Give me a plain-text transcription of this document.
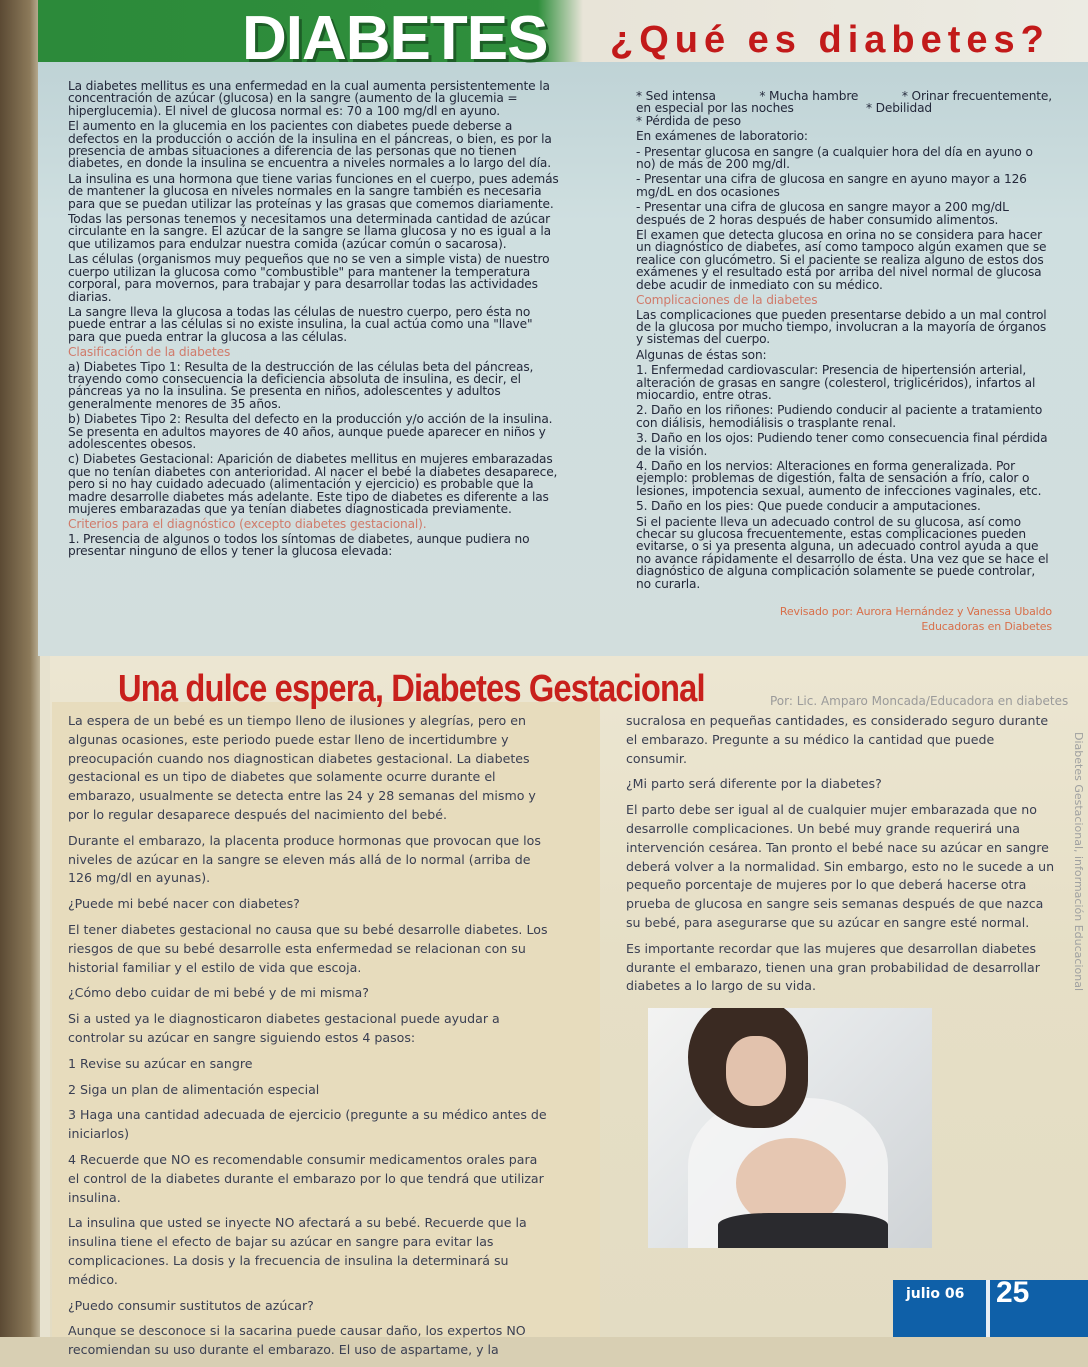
DIABETES ¿Qué es diabetes?

La diabetes mellitus es una enfermedad en la cual aumenta persistentemente la concentración de azúcar (glucosa) en la sangre (aumento de la glucemia = hiperglucemia). El nivel de glucosa normal es: 70 a 100 mg/dl en ayuno.

El aumento en la glucemia en los pacientes con diabetes puede deberse a defectos en la producción o acción de la insulina en el páncreas, o bien, es por la presencia de ambas situaciones a diferencia de las personas que no tienen diabetes, en donde la insulina se encuentra a niveles normales a lo largo del día.

La insulina es una hormona que tiene varias funciones en el cuerpo, pues además de mantener la glucosa en niveles normales en la sangre también es necesaria para que se puedan utilizar las proteínas y las grasas que comemos diariamente.

Todas las personas tenemos y necesitamos una determinada cantidad de azúcar circulante en la sangre. El azúcar de la sangre se llama glucosa y no es igual a la que utilizamos para endulzar nuestra comida (azúcar común o sacarosa).

Las células (organismos muy pequeños que no se ven a simple vista) de nuestro cuerpo utilizan la glucosa como "combustible" para mantener la temperatura corporal, para movernos, para trabajar y para desarrollar todas las actividades diarias.

La sangre lleva la glucosa a todas las células de nuestro cuerpo, pero ésta no puede entrar a las células si no existe insulina, la cual actúa como una "llave" para que pueda entrar la glucosa a las células.

Clasificación de la diabetes

a) Diabetes Tipo 1: Resulta de la destrucción de las células beta del páncreas, trayendo como consecuencia la deficiencia absoluta de insulina, es decir, el páncreas ya no la insulina. Se presenta en niños, adolescentes y adultos generalmente menores de 35 años.

b) Diabetes Tipo 2: Resulta del defecto en la producción y/o acción de la insulina. Se presenta en adultos mayores de 40 años, aunque puede aparecer en niños y adolescentes obesos.

c) Diabetes Gestacional: Aparición de diabetes mellitus en mujeres embarazadas que no tenían diabetes con anterioridad. Al nacer el bebé la diabetes desaparece, pero si no hay cuidado adecuado (alimentación y ejercicio) es probable que la madre desarrolle diabetes más adelante. Este tipo de diabetes es diferente a las mujeres embarazadas que ya tenían diabetes diagnosticada previamente.

Criterios para el diagnóstico (excepto diabetes gestacional).

1. Presencia de algunos o todos los síntomas de diabetes, aunque pudiera no presentar ninguno de ellos y tener la glucosa elevada:

* Sed intensa	* Mucha hambre	* Orinar frecuentemente,
en especial por las noches	* Debilidad

* Pérdida de peso

En exámenes de laboratorio:

- Presentar glucosa en sangre (a cualquier hora del día en ayuno o no) de más de 200 mg/dl.

- Presentar una cifra de glucosa en sangre en ayuno mayor a 126 mg/dL en dos ocasiones

- Presentar una cifra de glucosa en sangre mayor a 200 mg/dL después de 2 horas después de haber consumido alimentos.

El examen que detecta glucosa en orina no se considera para hacer un diagnóstico de diabetes, así como tampoco algún examen que se realice con glucómetro. Si el paciente se realiza alguno de estos dos exámenes y el resultado está por arriba del nivel normal de glucosa debe acudir de inmediato con su médico.

Complicaciones de la diabetes

Las complicaciones que pueden presentarse debido a un mal control de la glucosa por mucho tiempo, involucran a la mayoría de órganos y sistemas del cuerpo.

Algunas de éstas son:

1. Enfermedad cardiovascular: Presencia de hipertensión arterial, alteración de grasas en sangre (colesterol, triglicéridos), infartos al miocardio, entre otras.

2. Daño en los riñones: Pudiendo conducir al paciente a tratamiento con diálisis, hemodiálisis o trasplante renal.

3. Daño en los ojos: Pudiendo tener como consecuencia final pérdida de la visión.

4. Daño en los nervios: Alteraciones en forma generalizada. Por ejemplo: problemas de digestión, falta de sensación a frío, calor o lesiones, impotencia sexual, aumento de infecciones vaginales, etc.

5. Daño en los pies: Que puede conducir a amputaciones.

Si el paciente lleva un adecuado control de su glucosa, así como checar su glucosa frecuentemente, estas complicaciones pueden evitarse, o si ya presenta alguna, un adecuado control ayuda a que no avance rápidamente el desarrollo de ésta. Una vez que se hace el diagnóstico de alguna complicación solamente se puede controlar, no curarla.

Revisado por: Aurora Hernández y Vanessa Ubaldo
Educadoras en Diabetes
Una dulce espera, Diabetes Gestacional	Por: Lic. Amparo Moncada/Educadora en diabetes

La espera de un bebé es un tiempo lleno de ilusiones y alegrías, pero en algunas ocasiones, este periodo puede estar lleno de incertidumbre y preocupación cuando nos diagnostican diabetes gestacional. La diabetes gestacional es un tipo de diabetes que solamente ocurre durante el embarazo, usualmente se detecta entre las 24 y 28 semanas del mismo y por lo regular desaparece después del nacimiento del bebé.

Durante el embarazo, la placenta produce hormonas que provocan que los niveles de azúcar en la sangre se eleven más allá de lo normal (arriba de 126 mg/dl en ayunas).

¿Puede mi bebé nacer con diabetes?

El tener diabetes gestacional no causa que su bebé desarrolle diabetes. Los riesgos de que su bebé desarrolle esta enfermedad se relacionan con su historial familiar y el estilo de vida que escoja.

¿Cómo debo cuidar de mi bebé y de mi misma?

Si a usted ya le diagnosticaron diabetes gestacional puede ayudar a controlar su azúcar en sangre siguiendo estos 4 pasos:

1 Revise su azúcar en sangre

2 Siga un plan de alimentación especial

3 Haga una cantidad adecuada de ejercicio (pregunte a su médico antes de iniciarlos)

4 Recuerde que NO es recomendable consumir medicamentos orales para el control de la diabetes durante el embarazo por lo que tendrá que utilizar insulina.

La insulina que usted se inyecte NO afectará a su bebé. Recuerde que la insulina tiene el efecto de bajar su azúcar en sangre para evitar las complicaciones. La dosis y la frecuencia de insulina la determinará su médico.

¿Puedo consumir sustitutos de azúcar?

Aunque se desconoce si la sacarina puede causar daño, los expertos NO recomiendan su uso durante el embarazo. El uso de aspartame, y la

sucralosa en pequeñas cantidades, es considerado seguro durante el embarazo. Pregunte a su médico la cantidad que puede consumir.

¿Mi parto será diferente por la diabetes?

El parto debe ser igual al de cualquier mujer embarazada que no desarrolle complicaciones. Un bebé muy grande requerirá una intervención cesárea. Tan pronto el bebé nace su azúcar en sangre deberá volver a la normalidad. Sin embargo, esto no le sucede a un pequeño porcentaje de mujeres por lo que deberá hacerse otra prueba de glucosa en sangre seis semanas después de que nazca su bebé, para asegurarse que su azúcar en sangre esté normal.

Es importante recordar que las mujeres que desarrollan diabetes durante el embarazo, tienen una gran probabilidad de desarrollar diabetes a lo largo de su vida.	Diabetes Gestacional, información Educacional
julio 06 25
